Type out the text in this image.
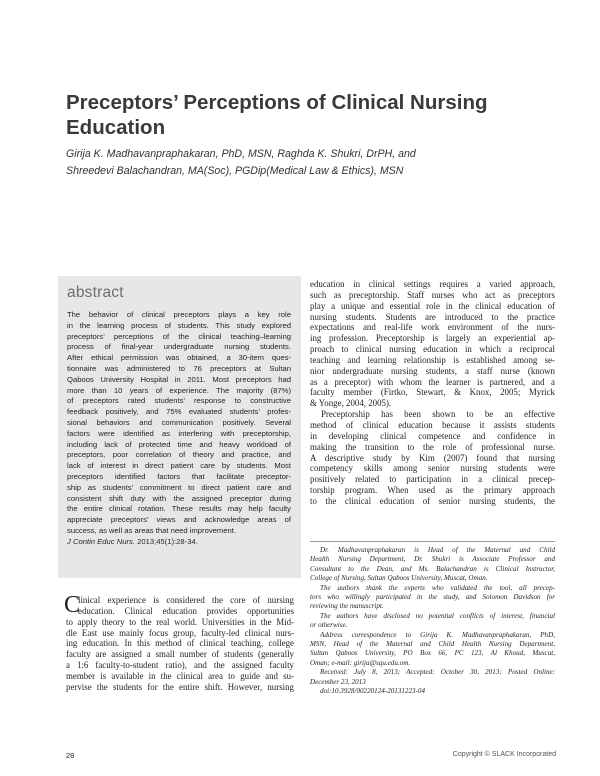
Preceptors’ Perceptions of Clinical Nursing
Education
Girija K. Madhavanpraphakaran, PhD, MSN, Raghda K. Shukri, DrPH, and
Shreedevi Balachandran, MA(Soc), PGDip(Medical Law & Ethics), MSN
abstract
The behavior of clinical preceptors plays a key role
in the learning process of students. This study explored
preceptors’ perceptions of the clinical teaching–learning
process of final-year undergraduate nursing students.
After ethical permission was obtained, a 30-item ques-
tionnaire was administered to 76 preceptors at Sultan
Qaboos University Hospital in 2011. Most preceptors had
more than 10 years of experience. The majority (87%)
of preceptors rated students’ response to constructive
feedback positively, and 75% evaluated students’ profes-
sional behaviors and communication positively. Several
factors were identified as interfering with preceptorship,
including lack of protected time and heavy workload of
preceptors, poor correlation of theory and practice, and
lack of interest in direct patient care by students. Most
preceptors identified factors that facilitate preceptor-
ship as students’ commitment to direct patient care and
consistent shift duty with the assigned preceptor during
the entire clinical rotation. These results may help faculty
appreciate preceptors’ views and acknowledge areas of
success, as well as areas that need improvement.
J Contin Educ Nurs. 2013;45(1):28-34.
C
linical experience is considered the core of nursing
education. Clinical education provides opportunities
to apply theory to the real world. Universities in the Mid-
dle East use mainly focus group, faculty-led clinical nurs-
ing education. In this method of clinical teaching, college
faculty are assigned a small number of students (generally
a 1:6 faculty-to-student ratio), and the assigned faculty
member is available in the clinical area to guide and su-
pervise the students for the entire shift. However, nursing
education in clinical settings requires a varied approach,
such as preceptorship. Staff nurses who act as preceptors
play a unique and essential role in the clinical education of
nursing students. Students are introduced to the practice
expectations and real-life work environment of the nurs-
ing profession. Preceptorship is largely an experiential ap-
proach to clinical nursing education in which a reciprocal
teaching and learning relationship is established among se-
nior undergraduate nursing students, a staff nurse (known
as a preceptor) with whom the learner is partnered, and a
faculty member (Firtko, Stewart, & Knox, 2005; Myrick
& Yonge, 2004, 2005).
Preceptorship has been shown to be an effective
method of clinical education because it assists students
in developing clinical competence and confidence in
making the transition to the role of professional nurse.
A descriptive study by Kim (2007) found that nursing
competency skills among senior nursing students were
positively related to participation in a clinical precep-
torship program. When used as the primary approach
to the clinical education of senior nursing students, the
Dr. Madhavanpraphakaran is Head of the Maternal and Child
Health Nursing Department, Dr. Shukri is Associate Professor and
Consultant to the Dean, and Ms. Balachandran is Clinical Instructor,
College of Nursing, Sultan Qaboos University, Muscat, Oman.
The authors thank the experts who validated the tool, all precep-
tors who willingly participated in the study, and Solomon Davidson for
reviewing the manuscript.
The authors have disclosed no potential conflicts of interest, financial
or otherwise.
Address correspondence to Girija K. Madhavanpraphakaran, PhD,
MSN, Head of the Maternal and Child Health Nursing Department,
Sultan Qaboos University, PO Box 66, PC 123, Al Khoud, Muscat,
Oman; e-mail: girija@squ.edu.om.
Received: July 8, 2013; Accepted: October 30, 2013; Posted Online:
December 23, 2013
doi:10.3928/00220124-20131223-04
28	Copyright © SLACK Incorporated
